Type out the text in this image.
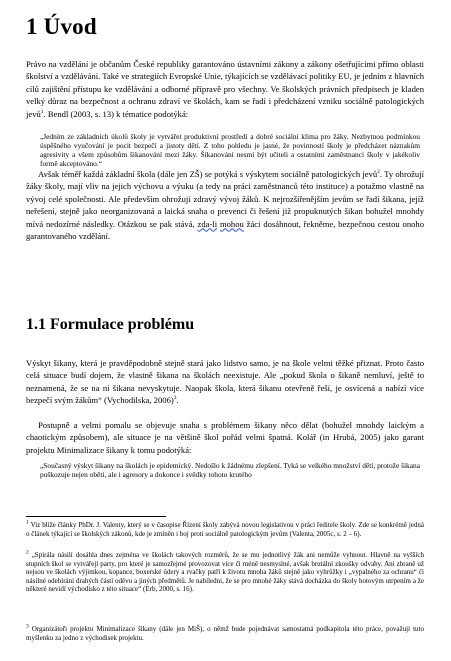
1 Úvod

Právo na vzdělání je občanům České republiky garantováno ústavními zákony a zákony ošetřujícími přímo oblasti školství a vzdělávání. Také ve strategiích Evropské Unie, týkajících se vzdělávací politiky EU, je jedním z hlavních cílů zajištění přístupu ke vzdělávání a odborné přípravě pro všechny. Ve školských právních předpisech je kladen velký důraz na bezpečnost a ochranu zdraví ve školách, kam se řadí i předcházení vzniku sociálně patologických jevů$^1$. Bendl (2003, s. 13) k tématice podotýká:

„Jedním ze základních úkolů školy je vytvářet produktivní prostředí a dobré sociální klima pro žáky. Nezbytnou podmínkou úspěšného vyučování je pocit bezpečí a jistoty dětí. Z toho pohledu je jasné, že povinností školy je předcházet náznakům agresivity a všem způsobům šikanování mezi žáky. Šikanování nesmí být učiteli a ostatními zaměstnanci školy v jakékoliv formě akceptováno.“

Avšak téměř každá základní škola (dále jen ZŠ) se potýká s výskytem sociálně patologických jevů$^2$. Ty ohrožují žáky školy, mají vliv na jejich výchovu a výuku (a tedy na práci zaměstnanců této instituce) a potažmo vlastně na vývoj celé společnosti. Ale především ohrožují zdravý vývoj žáků. K nejrozšířenějším jevům se řadí šikana, jejíž neřešení, stejně jako neorganizovaná a laická snaha o prevenci či řešení již propuknutých šikan bohužel mnohdy mívá nedozírné následky. Otázkou se pak stává, zda-li mohou žáci dosáhnout, řekněme, bezpečnou cestou onoho garantovaného vzdělání.

1.1 Formulace problému

Výskyt šikany, která je pravděpodobně stejně stará jako lidstvo samo, je na škole velmi těžké přiznat. Proto často celá situace budí dojem, že vlastně šikana na školách neexistuje. Ale „pokud škola o šikaně nemluví, ještě to neznamená, že se na ní šikana nevyskytuje. Naopak škola, která šikanu otevřeně řeší, je osvícená a nabízí více bezpečí svým žákům“ (Vychodilska, 2006)$^3$.

Postupně a velmi pomalu se objevuje snaha s problémem šikany něco dělat (bohužel mnohdy laickým a chaotickým způsobem), ale situace je na většině škol pořád velmi špatná. Kolář (in Hrubá, 2005) jako garant projektu Minimalizace šikany k tomu podotýká:

„Současný výskyt šikany na školách je epidemický. Nedošlo k žádnému zlepšení. Tyká se velkého množství dětí, protože šikana poškozuje nejen oběti, ale i agresory a dokonce i svědky tohoto krutého

$^1$ Viz blíže články PhDr. J. Valenty, který se v časopise Řízení školy zabývá novou legislativou v práci ředitele školy. Zde se konkrétně jedná o článek týkající se školských zákonů, kde je zmíněn i boj proti sociálně patologickým jevům (Valenta, 2005c, s. 2 – 6).

$^2$ „Spirála násilí dosáhla dnes zejména ve školách takových rozměrů, že se mu jednotlivý žák ani nemůže vyhnout. Hlavně na vyšších stupních škol se vytvářejí party, pro které je samozřejmé provozovat více či méně nesmyslné, avšak brutální zkoušky odvahy. Ani zbraně už nejsou ve školách výjimkou, kopance, boxerské údery a rvačky patří k životu mnoha žáků stejně jako vyhrůžky i „vypalného za ochranu“ či násilné odebírání drahých částí oděvu a jiných předmětů. Je nabíledni, že se pro mnohé žáky stává docházka do školy hotovým utrpením a že některé nevidí východisko z této situace“ (Erb, 2000, s. 16).

$^3$ Organizátoři projektu Minimalizace šikany (dále jen MiŠ), o němž bude pojednávat samostatná podkapitola této práce, považují tuto myšlenku za jedno z východisek projektu.
